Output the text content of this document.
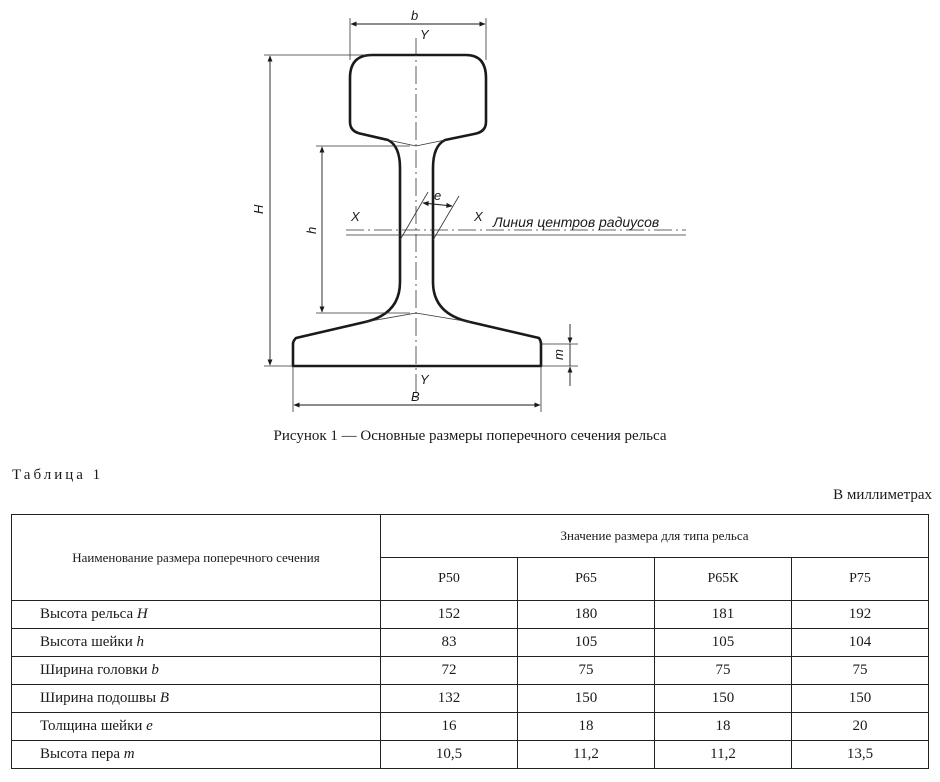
Y
Y
X	X Линия центров радиусов
b
H
h
e
m
B
Рисунок 1 — Основные размеры поперечного сечения рельса
Таблица 1
В миллиметрах
Наименование размера поперечного сечения	Значение размера для типа рельса			
	Р50	Р65	Р65К	Р75
Высота рельса H	152	180	181	192
Высота шейки h	83	105	105	104
Ширина головки b	72	75	75	75
Ширина подошвы B	132	150	150	150
Толщина шейки e	16	18	18	20
Высота пера m	10,5	11,2	11,2	13,5
